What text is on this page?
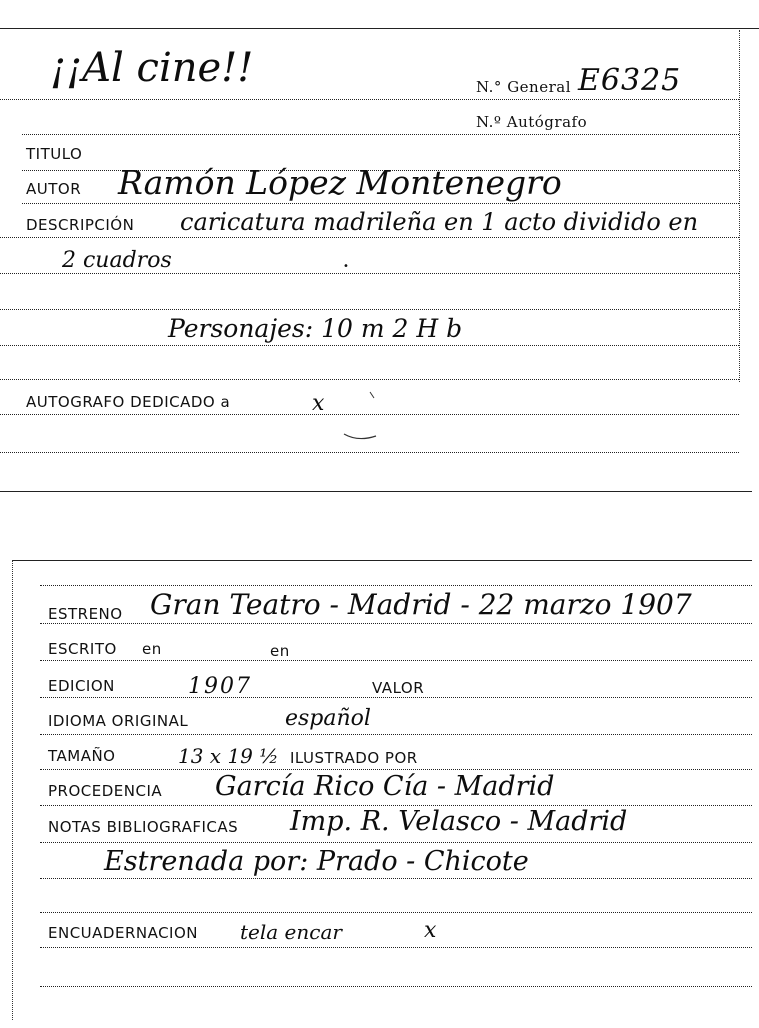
¡¡Al cine!!	N.° General E6325
N.º Autógrafo
TITULO
AUTOR Ramón López Montenegro
DESCRIPCIÓN caricatura madrileña en 1 acto dividido en
2 cuadros	•
Personajes: 10 m 2 H b
AUTOGRAFO DEDICADO a	x
ESTRENO Gran Teatro - Madrid - 22 marzo 1907
ESCRITO en	en
EDICION	1907	VALOR
IDIOMA ORIGINAL	español
TAMAÑO	13 x 19 ½ ILUSTRADO POR
PROCEDENCIA García Rico Cía - Madrid
NOTAS BIBLIOGRAFICAS Imp. R. Velasco - Madrid
Estrenada por: Prado - Chicote
ENCUADERNACION tela encar	x
